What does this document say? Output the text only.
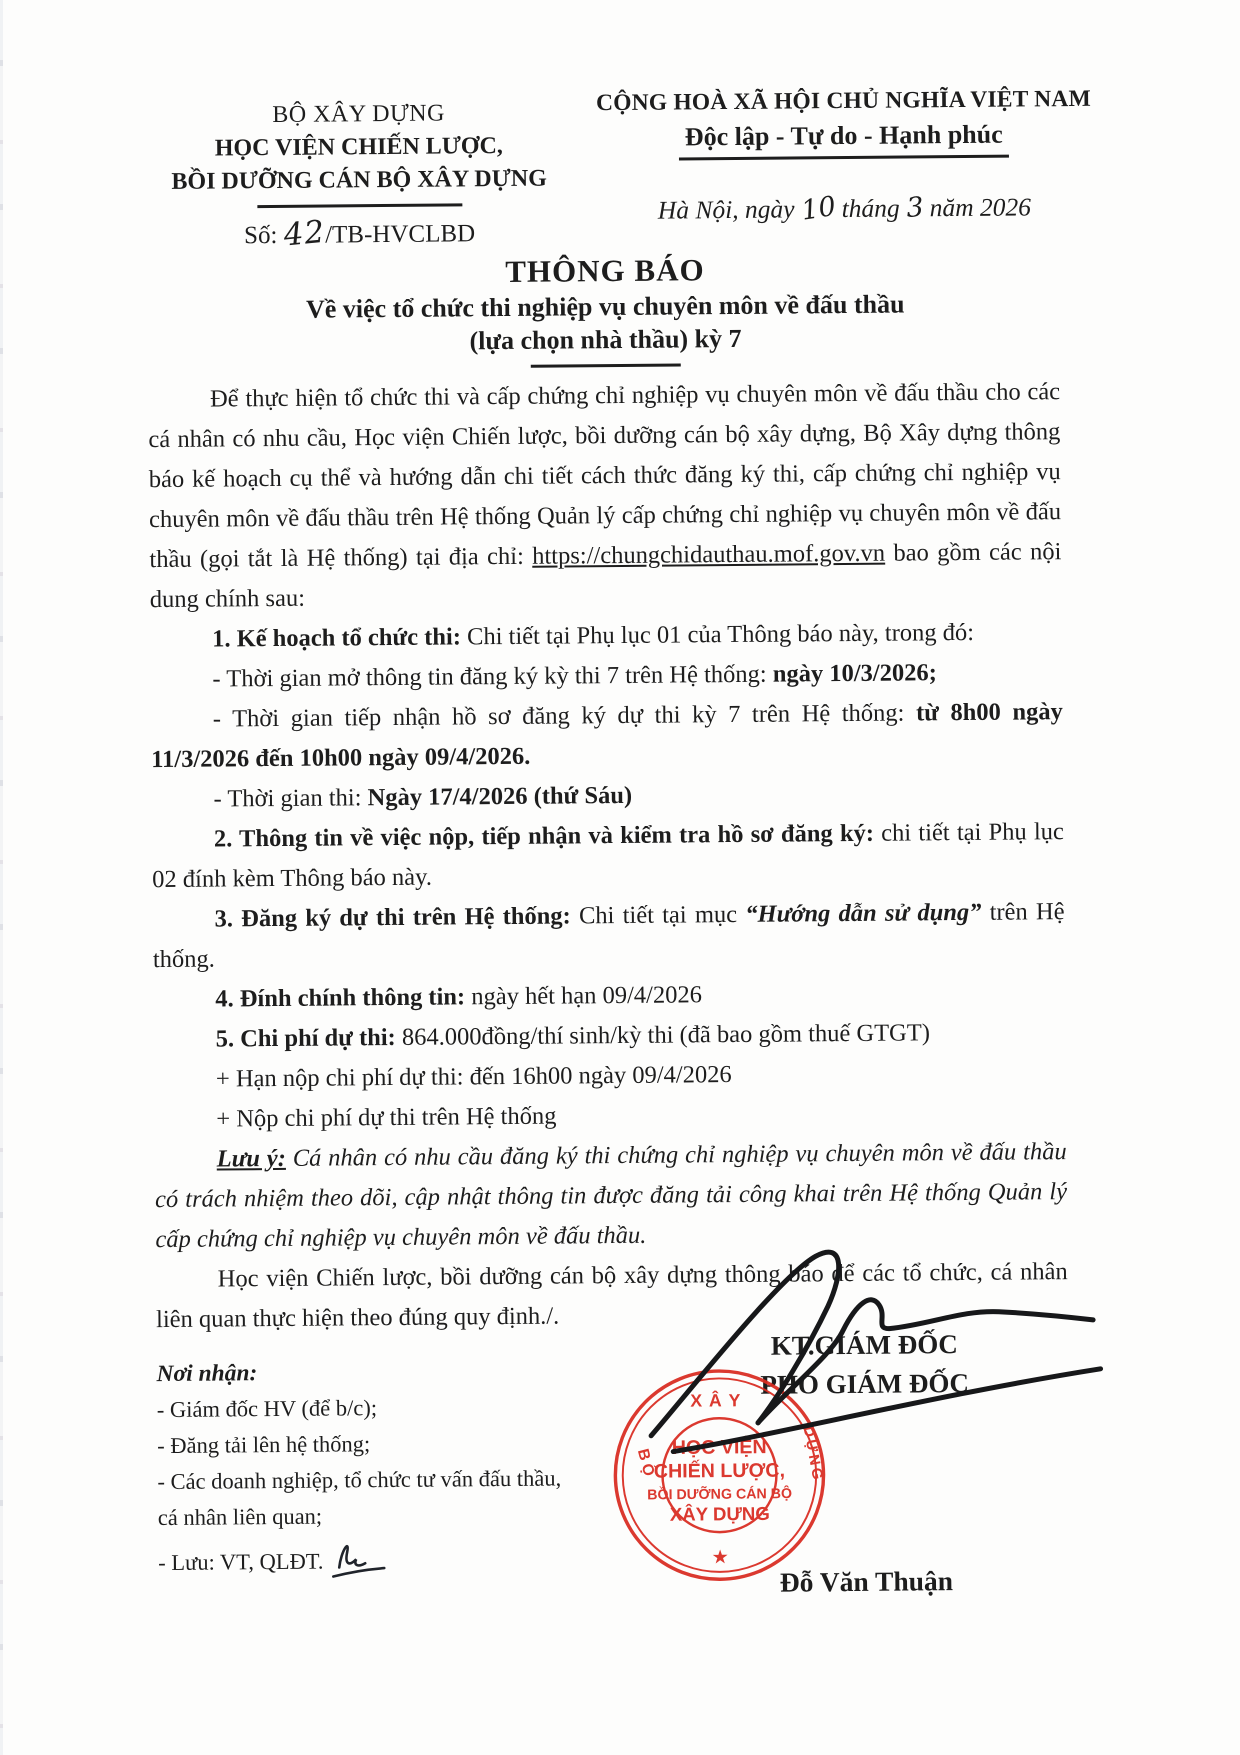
BỘ XÂY DỰNG
HỌC VIỆN CHIẾN LƯỢC,
BỒI DƯỠNG CÁN BỘ XÂY DỰNG
Số: 42/TB-HVCLBD
CỘNG HOÀ XÃ HỘI CHỦ NGHĨA VIỆT NAM
Độc lập - Tự do - Hạnh phúc
Hà Nội, ngày 10 tháng 3 năm 2026
THÔNG BÁO
Về việc tổ chức thi nghiệp vụ chuyên môn về đấu thầu
(lựa chọn nhà thầu) kỳ 7

Để thực hiện tổ chức thi và cấp chứng chỉ nghiệp vụ chuyên môn về đấu thầu cho các cá nhân có nhu cầu, Học viện Chiến lược, bồi dưỡng cán bộ xây dựng, Bộ Xây dựng thông báo kế hoạch cụ thể và hướng dẫn chi tiết cách thức đăng ký thi, cấp chứng chỉ nghiệp vụ chuyên môn về đấu thầu trên Hệ thống Quản lý cấp chứng chỉ nghiệp vụ chuyên môn về đấu thầu (gọi tắt là Hệ thống) tại địa chỉ: https://chungchidauthau.mof.gov.vn bao gồm các nội dung chính sau:

1. Kế hoạch tổ chức thi: Chi tiết tại Phụ lục 01 của Thông báo này, trong đó:

- Thời gian mở thông tin đăng ký kỳ thi 7 trên Hệ thống: ngày 10/3/2026;

- Thời gian tiếp nhận hồ sơ đăng ký dự thi kỳ 7 trên Hệ thống: từ 8h00 ngày 11/3/2026 đến 10h00 ngày 09/4/2026.

- Thời gian thi: Ngày 17/4/2026 (thứ Sáu)

2. Thông tin về việc nộp, tiếp nhận và kiểm tra hồ sơ đăng ký: chi tiết tại Phụ lục 02 đính kèm Thông báo này.

3. Đăng ký dự thi trên Hệ thống: Chi tiết tại mục “Hướng dẫn sử dụng” trên Hệ thống.

4. Đính chính thông tin: ngày hết hạn 09/4/2026

5. Chi phí dự thi: 864.000đồng/thí sinh/kỳ thi (đã bao gồm thuế GTGT)

+ Hạn nộp chi phí dự thi: đến 16h00 ngày 09/4/2026

+ Nộp chi phí dự thi trên Hệ thống

Lưu ý: Cá nhân có nhu cầu đăng ký thi chứng chỉ nghiệp vụ chuyên môn về đấu thầu có trách nhiệm theo dõi, cập nhật thông tin được đăng tải công khai trên Hệ thống Quản lý cấp chứng chỉ nghiệp vụ chuyên môn về đấu thầu.

Học viện Chiến lược, bồi dưỡng cán bộ xây dựng thông báo để các tổ chức, cá nhân liên quan thực hiện theo đúng quy định./.

Nơi nhận:
- Giám đốc HV (để b/c);
- Đăng tải lên hệ thống;
- Các doanh nghiệp, tổ chức tư vấn đấu thầu,
cá nhân liên quan;
- Lưu: VT, QLĐT.
KT.GIÁM ĐỐC
PHÓ GIÁM ĐỐC
XÂY
BỘ	DỰNG
HỌC VIỆN
CHIẾN LƯỢC,
BỒI DƯỠNG CÁN BỘ
XÂY DỰNG
★
Đỗ Văn Thuận
